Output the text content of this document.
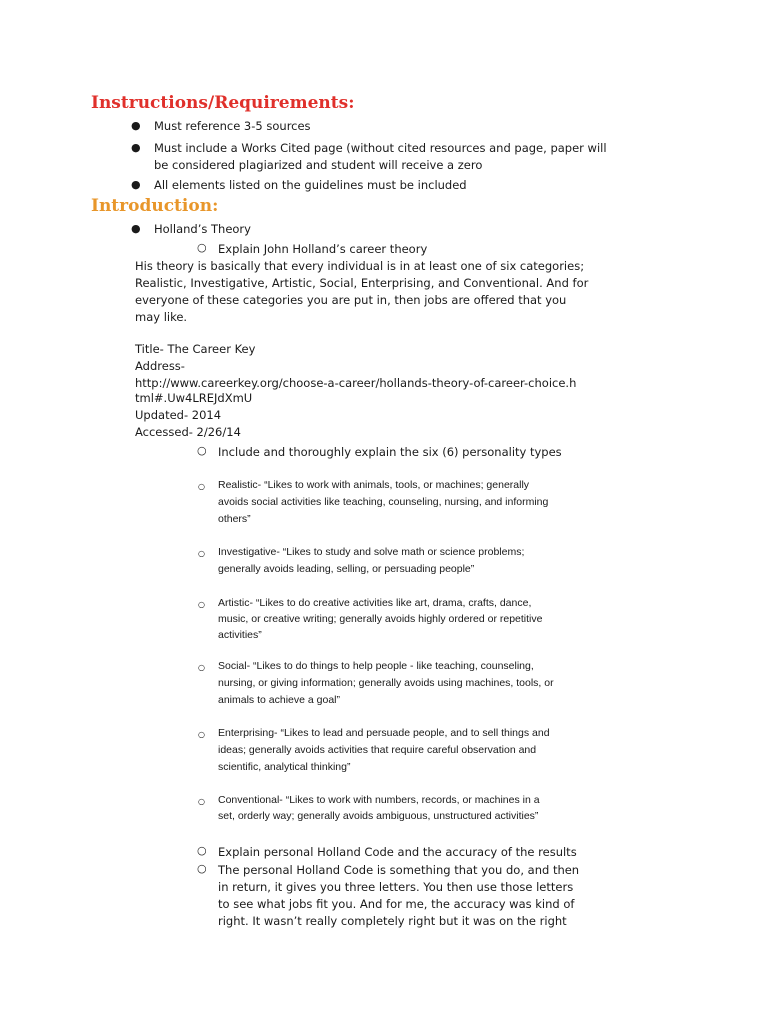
Instructions/Requirements:
● Must reference 3-5 sources
● Must include a Works Cited page (without cited resources and page, paper will
be considered plagiarized and student will receive a zero
● All elements listed on the guidelines must be included
Introduction:
● Holland’s Theory
○ Explain John Holland’s career theory
His theory is basically that every individual is in at least one of six categories;
Realistic, Investigative, Artistic, Social, Enterprising, and Conventional. And for
everyone of these categories you are put in, then jobs are offered that you
may like.
Title- The Career Key
Address-
http://www.careerkey.org/choose-a-career/hollands-theory-of-career-choice.h
tml#.Uw4LREJdXmU
Updated- 2014
Accessed- 2/26/14
○ Include and thoroughly explain the six (6) personality types
○ Realistic- “Likes to work with animals, tools, or machines; generally
avoids social activities like teaching, counseling, nursing, and informing
others”
○ Investigative- “Likes to study and solve math or science problems;
generally avoids leading, selling, or persuading people”
○ Artistic- “Likes to do creative activities like art, drama, crafts, dance,
music, or creative writing; generally avoids highly ordered or repetitive
activities”
○ Social- “Likes to do things to help people - like teaching, counseling,
nursing, or giving information; generally avoids using machines, tools, or
animals to achieve a goal”
○ Enterprising- “Likes to lead and persuade people, and to sell things and
ideas; generally avoids activities that require careful observation and
scientific, analytical thinking”
○ Conventional- “Likes to work with numbers, records, or machines in a
set, orderly way; generally avoids ambiguous, unstructured activities”
○ Explain personal Holland Code and the accuracy of the results
○ The personal Holland Code is something that you do, and then
in return, it gives you three letters. You then use those letters
to see what jobs fit you. And for me, the accuracy was kind of
right. It wasn’t really completely right but it was on the right
